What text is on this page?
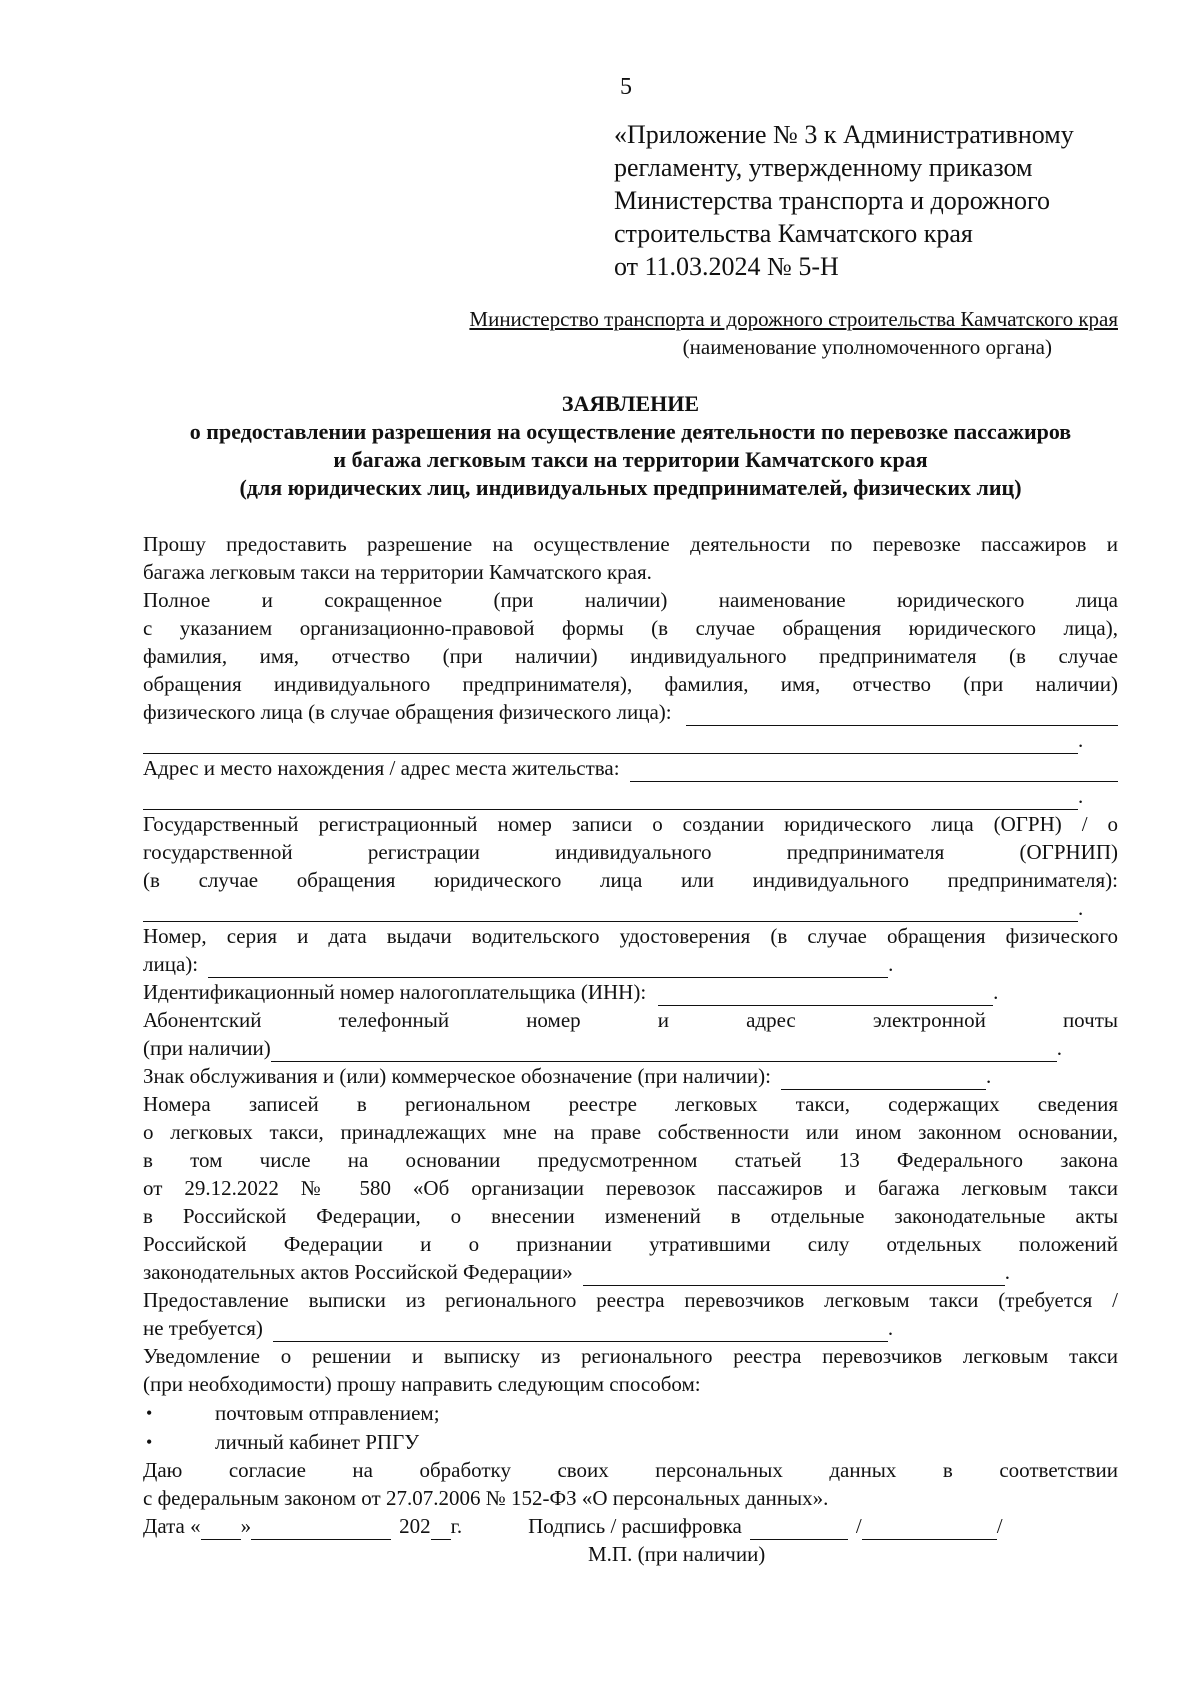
5
«Приложение № 3 к Административному
регламенту, утвержденному приказом
Министерства транспорта и дорожного
строительства Камчатского края
от 11.03.2024 № 5-Н
Министерство транспорта и дорожного строительства Камчатского края
(наименование уполномоченного органа)
ЗАЯВЛЕНИЕ
о предоставлении разрешения на осуществление деятельности по перевозке пассажиров
и багажа легковым такси на территории Камчатского края
(для юридических лиц, индивидуальных предпринимателей, физических лиц)
Прошу предоставить разрешение на осуществление деятельности по перевозке пассажиров и
багажа легковым такси на территории Камчатского края.
Полное и сокращенное (при наличии) наименование юридического лица
с указанием организационно-правовой формы (в случае обращения юридического лица),
фамилия, имя, отчество (при наличии) индивидуального предпринимателя (в случае
обращения индивидуального предпринимателя), фамилия, имя, отчество (при наличии)
физического лица (в случае обращения физического лица):
.
Адрес и место нахождения / адрес места жительства:
.
Государственный регистрационный номер записи о создании юридического лица (ОГРН) / о
государственной регистрации индивидуального предпринимателя (ОГРНИП)
(в случае обращения юридического лица или индивидуального предпринимателя):
.
Номер, серия и дата выдачи водительского удостоверения (в случае обращения физического
лица):	.
Идентификационный номер налогоплательщика (ИНН):	.
Абонентский телефонный номер и адрес электронной почты
(при наличии)	.
Знак обслуживания и (или) коммерческое обозначение (при наличии):	.
Номера записей в региональном реестре легковых такси, содержащих сведения
о легковых такси, принадлежащих мне на праве собственности или ином законном основании,
в том числе на основании предусмотренном статьей 13 Федерального закона
от 29.12.2022 № 580 «Об организации перевозок пассажиров и багажа легковым такси
в Российской Федерации, о внесении изменений в отдельные законодательные акты
Российской Федерации и о признании утратившими силу отдельных положений
законодательных актов Российской Федерации»	.
Предоставление выписки из регионального реестра перевозчиков легковым такси (требуется /
не требуется)	.
Уведомление о решении и выписку из регионального реестра перевозчиков легковым такси
(при необходимости) прошу направить следующим способом:
•	почтовым отправлением;
•	личный кабинет РПГУ
Даю согласие на обработку своих персональных данных в соответствии
с федеральным законом от 27.07.2006 № 152-ФЗ «О персональных данных».
Дата « »	202 г.	Подпись / расшифровка	/	/
М.П. (при наличии)
